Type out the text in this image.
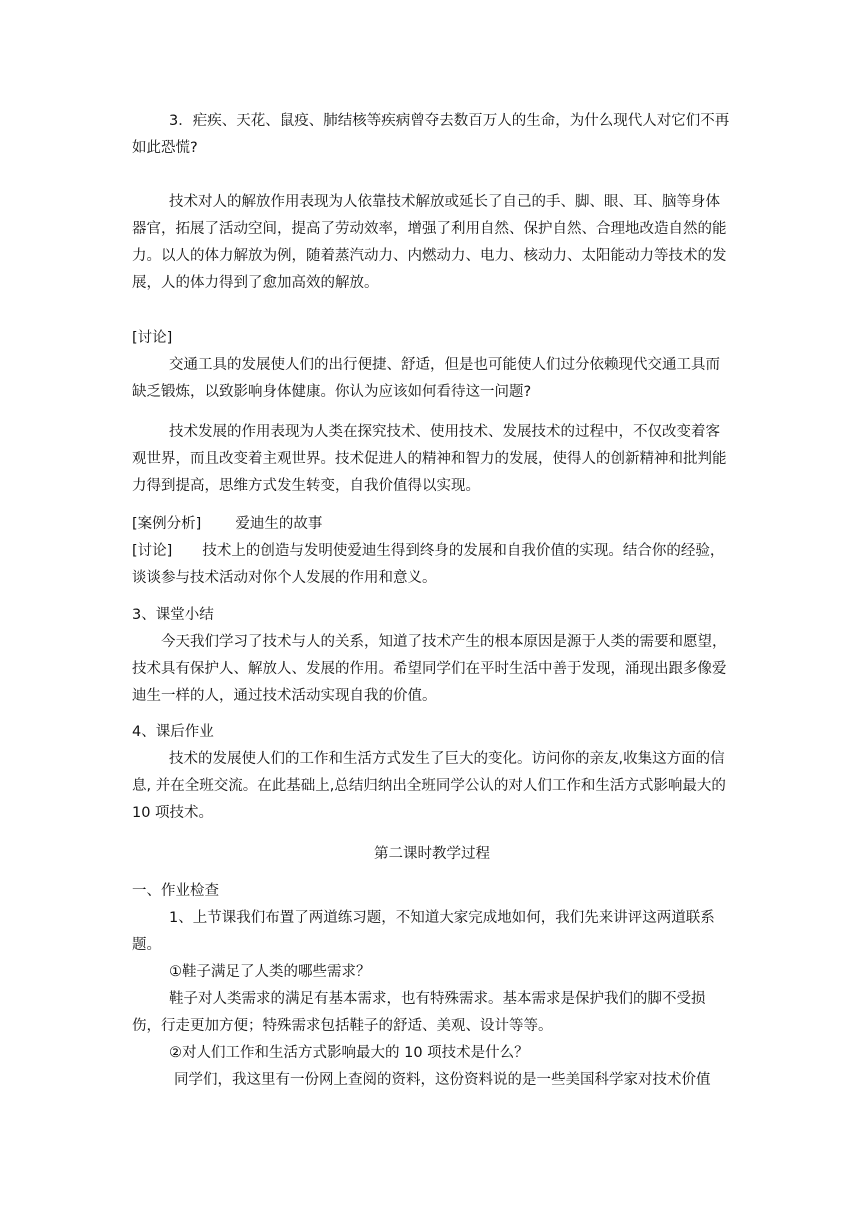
3．疟疾、天花、鼠疫、肺结核等疾病曾夺去数百万人的生命，为什么现代人对它们不再如此恐慌?

技术对人的解放作用表现为人依靠技术解放或延长了自己的手、脚、眼、耳、脑等身体器官，拓展了活动空间，提高了劳动效率，增强了利用自然、保护自然、合理地改造自然的能力。以人的体力解放为例，随着蒸汽动力、内燃动力、电力、核动力、太阳能动力等技术的发展，人的体力得到了愈加高效的解放。

[讨论]

交通工具的发展使人们的出行便捷、舒适，但是也可能使人们过分依赖现代交通工具而缺乏锻炼，以致影响身体健康。你认为应该如何看待这一问题?

技术发展的作用表现为人类在探究技术、使用技术、发展技术的过程中，不仅改变着客观世界，而且改变着主观世界。技术促进人的精神和智力的发展，使得人的创新精神和批判能力得到提高，思维方式发生转变，自我价值得以实现。

[案例分析] 爱迪生的故事

[讨论] 技术上的创造与发明使爱迪生得到终身的发展和自我价值的实现。结合你的经验，谈谈参与技术活动对你个人发展的作用和意义。

3、课堂小结

今天我们学习了技术与人的关系，知道了技术产生的根本原因是源于人类的需要和愿望，技术具有保护人、解放人、发展的作用。希望同学们在平时生活中善于发现，涌现出跟多像爱迪生一样的人，通过技术活动实现自我的价值。

4、课后作业

技术的发展使人们的工作和生活方式发生了巨大的变化。访问你的亲友,收集这方面的信息, 并在全班交流。在此基础上,总结归纳出全班同学公认的对人们工作和生活方式影响最大的 10 项技术。

第二课时教学过程

一、作业检查

1、上节课我们布置了两道练习题，不知道大家完成地如何，我们先来讲评这两道联系题。

①鞋子满足了人类的哪些需求？

鞋子对人类需求的满足有基本需求，也有特殊需求。基本需求是保护我们的脚不受损伤，行走更加方便；特殊需求包括鞋子的舒适、美观、设计等等。

②对人们工作和生活方式影响最大的 10 项技术是什么？

同学们，我这里有一份网上查阅的资料，这份资料说的是一些美国科学家对技术价值
